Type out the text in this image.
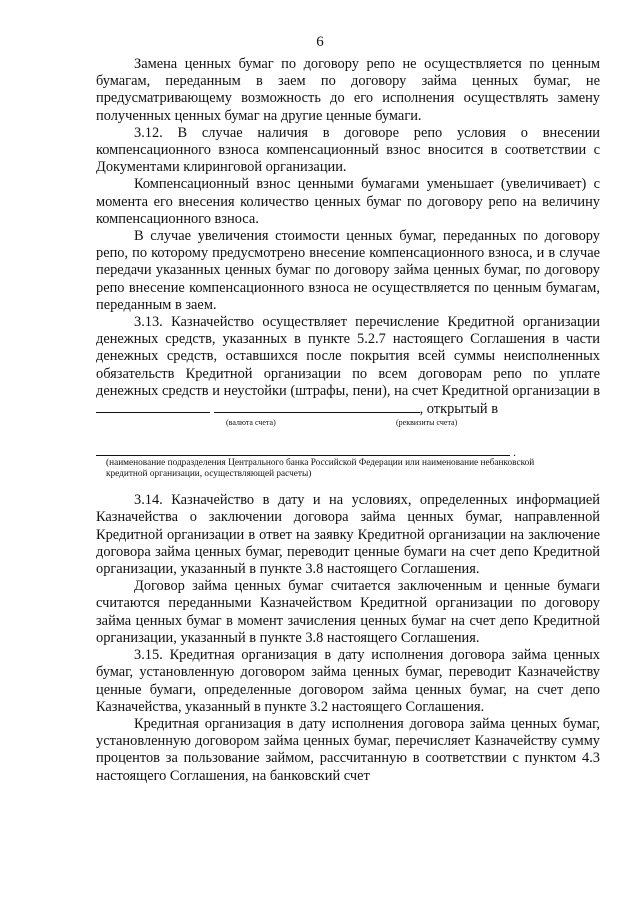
6

Замена ценных бумаг по договору репо не осуществляется по ценным бумагам, переданным в заем по договору займа ценных бумаг, не предусматривающему возможность до его исполнения осуществлять замену полученных ценных бумаг на другие ценные бумаги.

3.12. В случае наличия в договоре репо условия о внесении компенсационного взноса компенсационный взнос вносится в соответствии с Документами клиринговой организации.

Компенсационный взнос ценными бумагами уменьшает (увеличивает) с момента его внесения количество ценных бумаг по договору репо на величину компенсационного взноса.

В случае увеличения стоимости ценных бумаг, переданных по договору репо, по которому предусмотрено внесение компенсационного взноса, и в случае передачи указанных ценных бумаг по договору займа ценных бумаг, по договору репо внесение компенсационного взноса не осуществляется по ценным бумагам, переданным в заем.

3.13. Казначейство осуществляет перечисление Кредитной организации денежных средств, указанных в пункте 5.2.7 настоящего Соглашения в части денежных средств, оставшихся после покрытия всей суммы неисполненных обязательств Кредитной организации по всем договорам репо по уплате денежных средств и неустойки (штрафы, пени), на счет Кредитной организации в  , открытый в

(валюта счета)	(реквизиты счета)
.
(наименование подразделения Центрального банка Российской Федерации или наименование небанковской кредитной организации, осуществляющей расчеты)

3.14. Казначейство в дату и на условиях, определенных информацией Казначейства о заключении договора займа ценных бумаг, направленной Кредитной организации в ответ на заявку Кредитной организации на заключение договора займа ценных бумаг, переводит ценные бумаги на счет депо Кредитной организации, указанный в пункте 3.8 настоящего Соглашения.

Договор займа ценных бумаг считается заключенным и ценные бумаги считаются переданными Казначейством Кредитной организации по договору займа ценных бумаг в момент зачисления ценных бумаг на счет депо Кредитной организации, указанный в пункте 3.8 настоящего Соглашения.

3.15. Кредитная организация в дату исполнения договора займа ценных бумаг, установленную договором займа ценных бумаг, переводит Казначейству ценные бумаги, определенные договором займа ценных бумаг, на счет депо Казначейства, указанный в пункте 3.2 настоящего Соглашения.

Кредитная организация в дату исполнения договора займа ценных бумаг, установленную договором займа ценных бумаг, перечисляет Казначейству сумму процентов за пользование займом, рассчитанную в соответствии с пунктом 4.3 настоящего Соглашения, на банковский счет
